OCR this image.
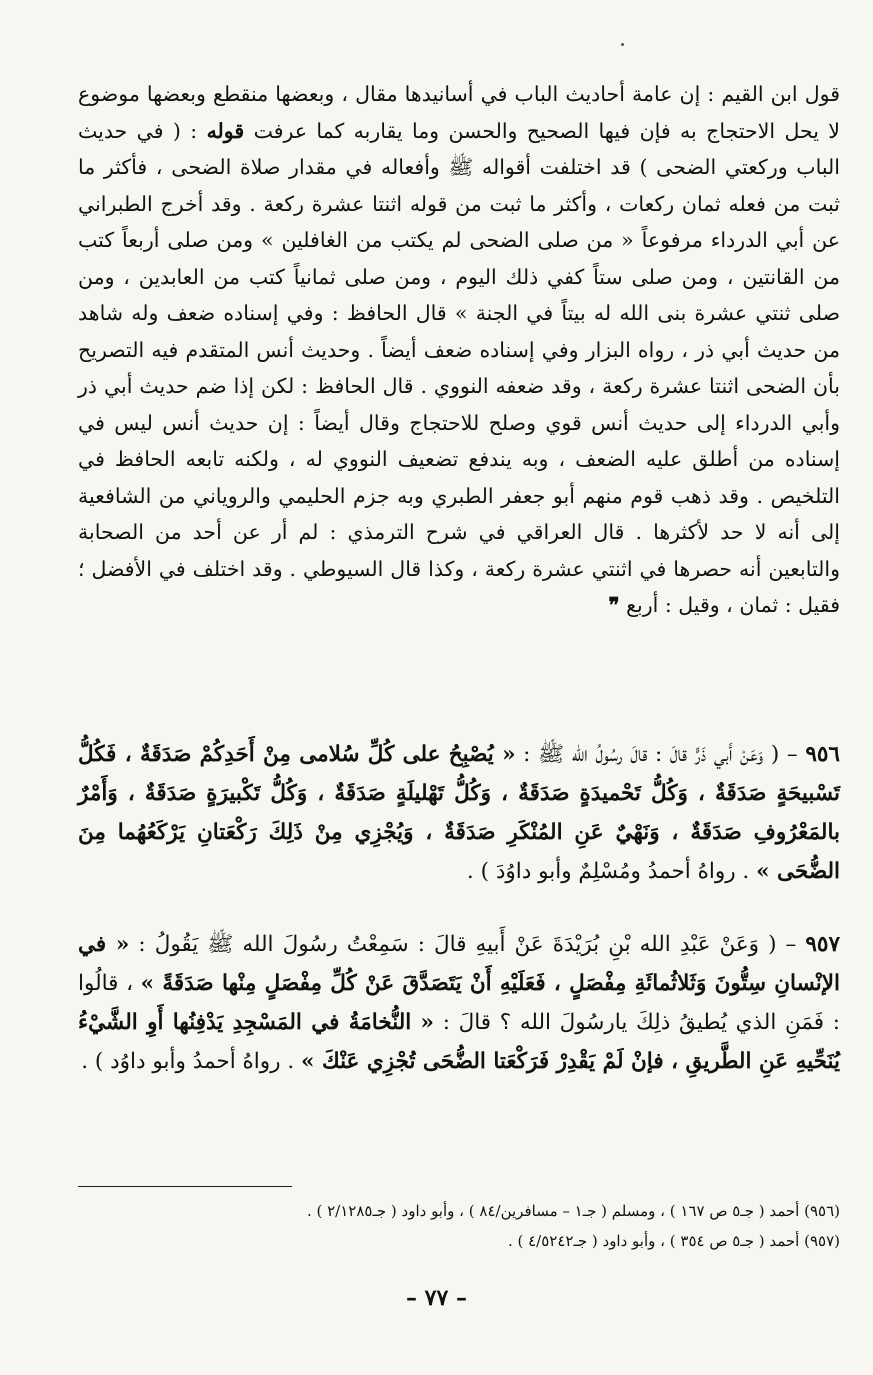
قول ابن القيم : إن عامة أحاديث الباب في أسانيدها مقال ، وبعضها منقطع وبعضها موضوع لا يحل الاحتجاج به فإن فيها الصحيح والحسن وما يقاربه كما عرفت قوله : ( في حديث الباب وركعتي الضحى ) قد اختلفت أقواله ﷺ وأفعاله في مقدار صلاة الضحى ، فأكثر ما ثبت من فعله ثمان ركعات ، وأكثر ما ثبت من قوله اثنتا عشرة ركعة . وقد أخرج الطبراني عن أبي الدرداء مرفوعاً « من صلى الضحى لم يكتب من الغافلين » ومن صلى أربعاً كتب من القانتين ، ومن صلى ستاً كفي ذلك اليوم ، ومن صلى ثمانياً كتب من العابدين ، ومن صلى ثنتي عشرة بنى الله له بيتاً في الجنة » قال الحافظ : وفي إسناده ضعف وله شاهد من حديث أبي ذر ، رواه البزار وفي إسناده ضعف أيضاً . وحديث أنس المتقدم فيه التصريح بأن الضحى اثنتا عشرة ركعة ، وقد ضعفه النووي . قال الحافظ : لكن إذا ضم حديث أبي ذر وأبي الدرداء إلى حديث أنس قوي وصلح للاحتجاج وقال أيضاً : إن حديث أنس ليس في إسناده من أطلق عليه الضعف ، وبه يندفع تضعيف النووي له ، ولكنه تابعه الحافظ في التلخيص . وقد ذهب قوم منهم أبو جعفر الطبري وبه جزم الحليمي والروياني من الشافعية إلى أنه لا حد لأكثرها . قال العراقي في شرح الترمذي : لم أر عن أحد من الصحابة والتابعين أنه حصرها في اثنتي عشرة ركعة ، وكذا قال السيوطي . وقد اختلف في الأفضل ؛ فقيل : ثمان ، وقيل : أربع ❞

٩٥٦ – ( وَعَنْ أَبي ذَرٍّ قالَ : قالَ رسُولُ الله ﷺ : « يُصْبِحُ على كُلِّ سُلامى مِنْ أَحَدِكُمْ صَدَقَةٌ ، فَكُلُّ تَسْبيحَةٍ صَدَقَةٌ ، وَكُلُّ تَحْميدَةٍ صَدَقَةٌ ، وَكُلُّ تَهْليلَةٍ صَدَقَةٌ ، وَكُلُّ تَكْبيرَةٍ صَدَقَةٌ ، وَأَمْرٌ بالمَعْرُوفِ صَدَقَةٌ ، وَنَهْيٌ عَنِ المُنْكَرِ صَدَقَةٌ ، وَيُجْزِي مِنْ ذَلِكَ رَكْعَتانِ يَرْكَعُهُما مِنَ الضُّحَى » . رواهُ أحمدُ ومُسْلِمٌ وأبو داوُدَ ) .

٩٥٧ – ( وَعَنْ عَبْدِ الله بْنِ بُرَيْدَةَ عَنْ أَبيهِ قالَ : سَمِعْتُ رسُولَ الله ﷺ يَقُولُ : « في الإنْسانِ سِتُّونَ وَثَلاثُمائَةِ مِفْصَلٍ ، فَعَلَيْهِ أَنْ يَتَصَدَّقَ عَنْ كُلِّ مِفْصَلٍ مِنْها صَدَقَةً » ، قالُوا : فَمَنِ الذي يُطيقُ ذلِكَ يارسُولَ الله ؟ قالَ : « النُّخامَةُ في المَسْجِدِ يَدْفِنُها أَوِ الشَّيْءُ يُنَحِّيهِ عَنِ الطَّريقِ ، فإنْ لَمْ يَقْدِرْ فَرَكْعَتا الضُّحَى تُجْزِي عَنْكَ » . رواهُ أحمدُ وأبو داوُد ) .

(٩٥٦) أحمد ( جـ٥ ص ١٦٧ ) ، ومسلم ( جـ١ – مسافرين/٨٤ ) ، وأبو داود ( جـ٢/١٢٨٥ ) .

(٩٥٧) أحمد ( جـ٥ ص ٣٥٤ ) ، وأبو داود ( جـ٤/٥٢٤٢ ) .

– ٧٧ –
